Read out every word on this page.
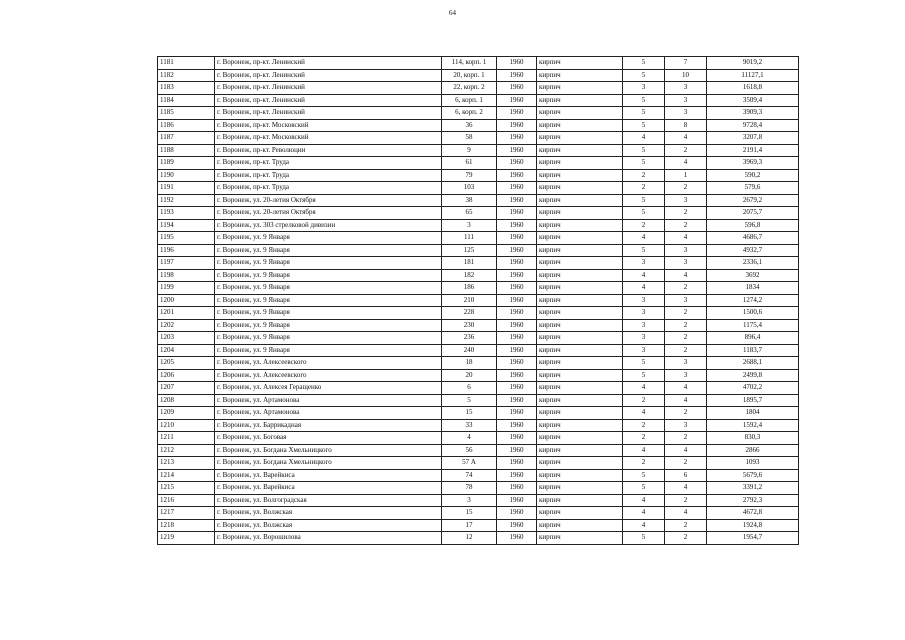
64
1181	г. Воронеж, пр-кт. Ленинский	114, корп. 1	1960	кирпич	5	7	9019,2
1182	г. Воронеж, пр-кт. Ленинский	20, корп. 1	1960	кирпич	5	10	11127,1
1183	г. Воронеж, пр-кт. Ленинский	22, корп. 2	1960	кирпич	3	3	1618,8
1184	г. Воронеж, пр-кт. Ленинский	6, корп. 1	1960	кирпич	5	3	3509,4
1185	г. Воронеж, пр-кт. Ленинский	6, корп. 2	1960	кирпич	5	3	3909,3
1186	г. Воронеж, пр-кт. Московский	36	1960	кирпич	5	8	9728,4
1187	г. Воронеж, пр-кт. Московский	58	1960	кирпич	4	4	3207,8
1188	г. Воронеж, пр-кт. Революции	9	1960	кирпич	5	2	2191,4
1189	г. Воронеж, пр-кт. Труда	61	1960	кирпич	5	4	3969,3
1190	г. Воронеж, пр-кт. Труда	79	1960	кирпич	2	1	590,2
1191	г. Воронеж, пр-кт. Труда	103	1960	кирпич	2	2	579,6
1192	г. Воронеж, ул. 20-летия Октября	38	1960	кирпич	5	3	2679,2
1193	г. Воронеж, ул. 20-летия Октября	65	1960	кирпич	5	2	2075,7
1194	г. Воронеж, ул. 303 стрелковой дивизии	3	1960	кирпич	2	2	596,8
1195	г. Воронеж, ул. 9 Января	111	1960	кирпич	4	4	4686,7
1196	г. Воронеж, ул. 9 Января	125	1960	кирпич	5	3	4932,7
1197	г. Воронеж, ул. 9 Января	181	1960	кирпич	3	3	2336,1
1198	г. Воронеж, ул. 9 Января	182	1960	кирпич	4	4	3692
1199	г. Воронеж, ул. 9 Января	186	1960	кирпич	4	2	1834
1200	г. Воронеж, ул. 9 Января	210	1960	кирпич	3	3	1274,2
1201	г. Воронеж, ул. 9 Января	228	1960	кирпич	3	2	1500,6
1202	г. Воронеж, ул. 9 Января	230	1960	кирпич	3	2	1175,4
1203	г. Воронеж, ул. 9 Января	236	1960	кирпич	3	2	896,4
1204	г. Воронеж, ул. 9 Января	240	1960	кирпич	3	2	1183,7
1205	г. Воронеж, ул. Алексеевского	18	1960	кирпич	5	3	2688,1
1206	г. Воронеж, ул. Алексеевского	20	1960	кирпич	5	3	2499,8
1207	г. Воронеж, ул. Алексея Геращенко	6	1960	кирпич	4	4	4702,2
1208	г. Воронеж, ул. Артамонова	5	1960	кирпич	2	4	1895,7
1209	г. Воронеж, ул. Артамонова	15	1960	кирпич	4	2	1804
1210	г. Воронеж, ул. Баррикадная	33	1960	кирпич	2	3	1592,4
1211	г. Воронеж, ул. Боговая	4	1960	кирпич	2	2	830,3
1212	г. Воронеж, ул. Богдана Хмельницкого	56	1960	кирпич	4	4	2866
1213	г. Воронеж, ул. Богдана Хмельницкого	57 А	1960	кирпич	2	2	1093
1214	г. Воронеж, ул. Варейкиса	74	1960	кирпич	5	6	5679,6
1215	г. Воронеж, ул. Варейкиса	78	1960	кирпич	5	4	3391,2
1216	г. Воронеж, ул. Волгоградская	3	1960	кирпич	4	2	2792,3
1217	г. Воронеж, ул. Волжская	15	1960	кирпич	4	4	4672,8
1218	г. Воронеж, ул. Волжская	17	1960	кирпич	4	2	1924,8
1219	г. Воронеж, ул. Ворошилова	12	1960	кирпич	5	2	1954,7
